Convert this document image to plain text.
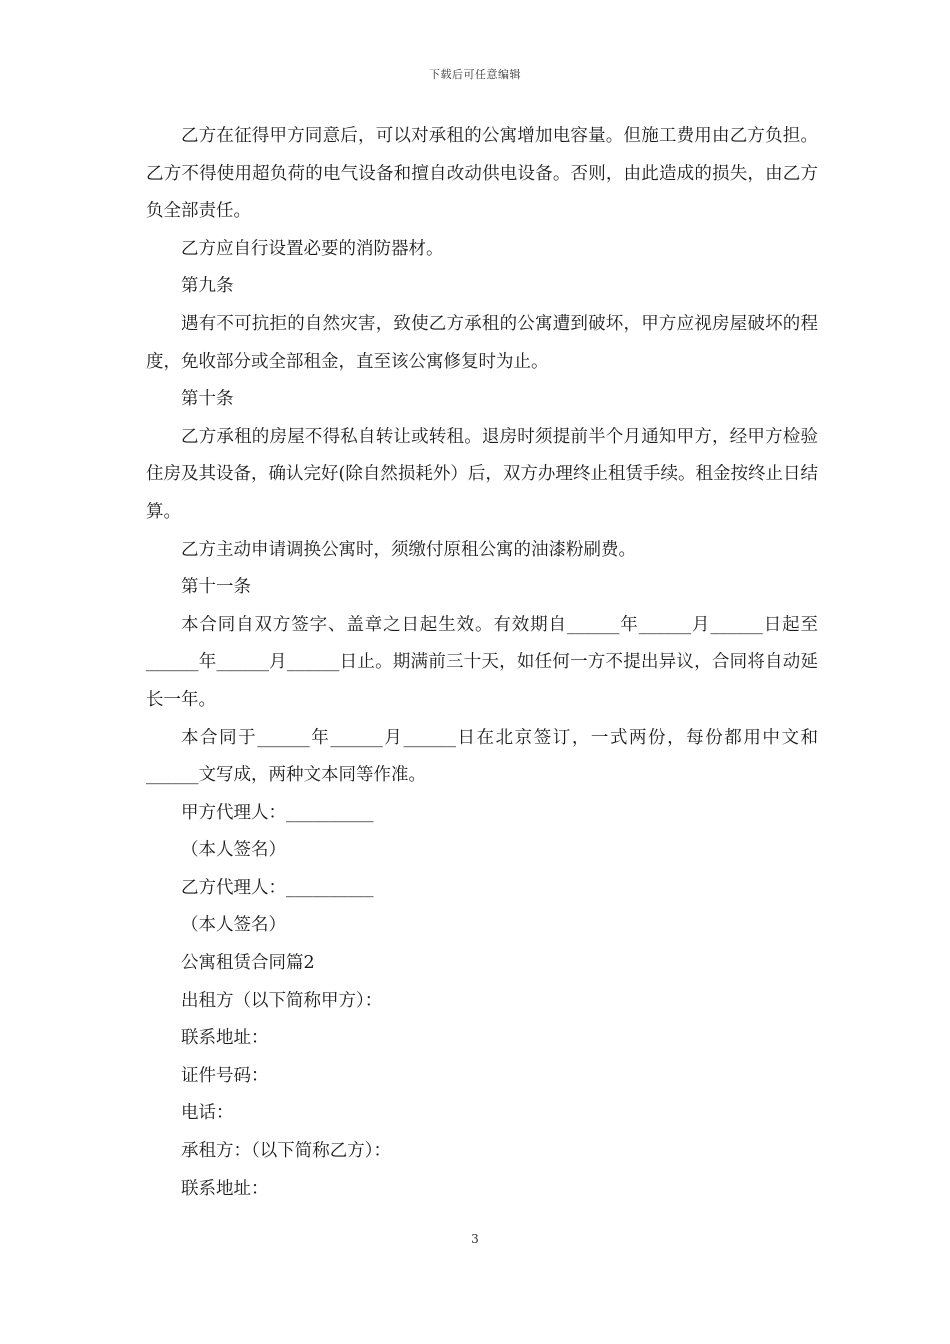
下载后可任意编辑

乙方在征得甲方同意后，可以对承租的公寓增加电容量。但施工费用由乙方负担。乙方不得使用超负荷的电气设备和擅自改动供电设备。否则，由此造成的损失，由乙方负全部责任。

乙方应自行设置必要的消防器材。

第九条

遇有不可抗拒的自然灾害，致使乙方承租的公寓遭到破坏，甲方应视房屋破坏的程度，免收部分或全部租金，直至该公寓修复时为止。

第十条

乙方承租的房屋不得私自转让或转租。退房时须提前半个月通知甲方，经甲方检验住房及其设备，确认完好(除自然损耗外）后，双方办理终止租赁手续。租金按终止日结算。

乙方主动申请调换公寓时，须缴付原租公寓的油漆粉刷费。

第十一条

本合同自双方签字、盖章之日起生效。有效期自______年______月______日起至______年______月______日止。期满前三十天，如任何一方不提出异议，合同将自动延长一年。

本合同于______年______月______日在北京签订，一式两份，每份都用中文和______文写成，两种文本同等作准。

甲方代理人：__________

（本人签名）

乙方代理人：__________

（本人签名）

公寓租赁合同篇2

出租方（以下简称甲方）：

联系地址：

证件号码：

电话：

承租方：（以下简称乙方）：

联系地址：

3
